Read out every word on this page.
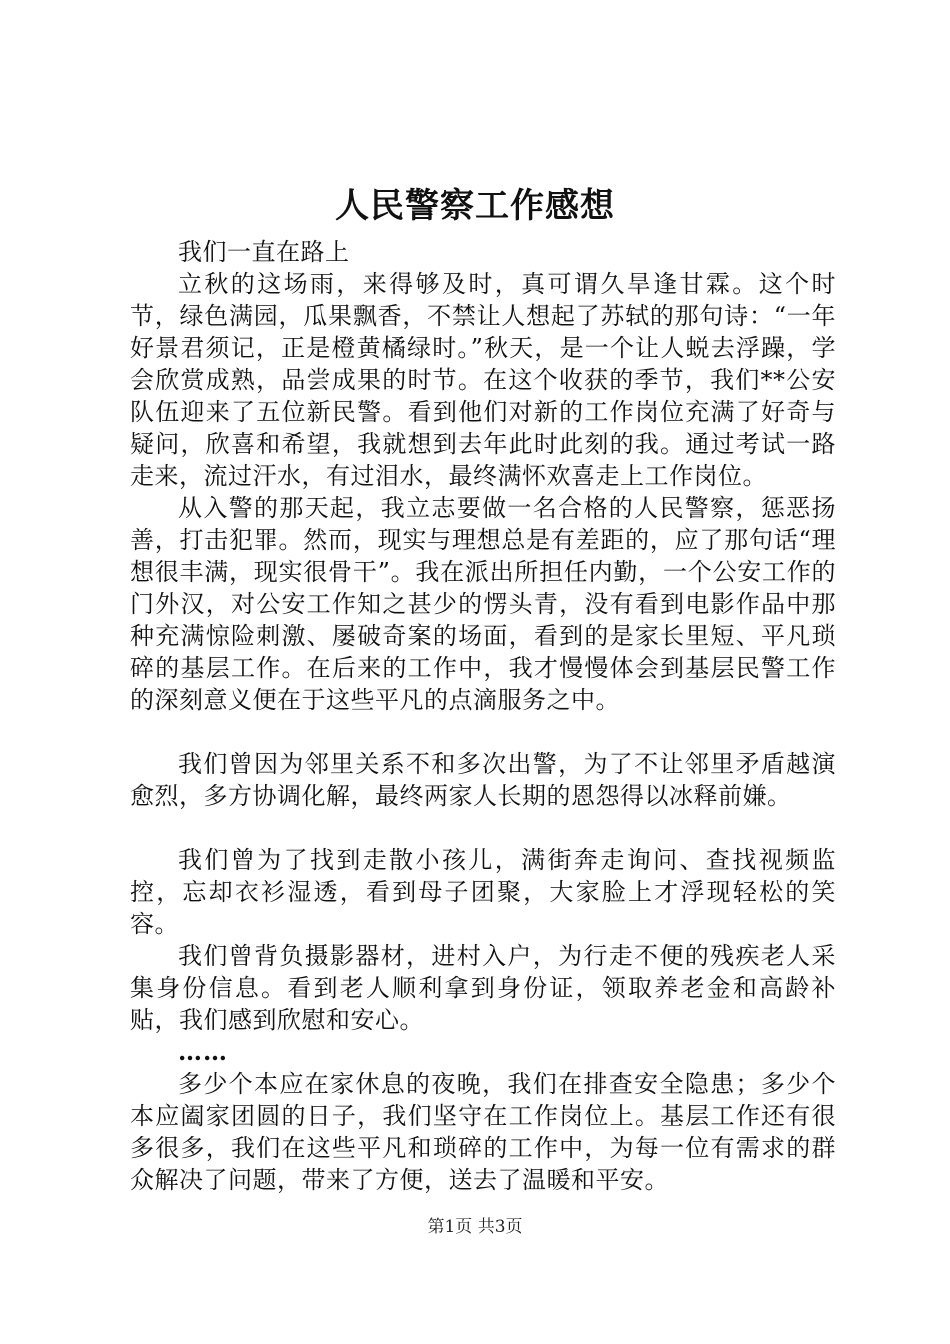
人民警察工作感想

我们一直在路上

立秋的这场雨，来得够及时，真可谓久旱逢甘霖。这个时节，绿色满园，瓜果飘香，不禁让人想起了苏轼的那句诗：“一年好景君须记，正是橙黄橘绿时。”秋天，是一个让人蜕去浮躁，学会欣赏成熟，品尝成果的时节。在这个收获的季节，我们**公安队伍迎来了五位新民警。看到他们对新的工作岗位充满了好奇与疑问，欣喜和希望，我就想到去年此时此刻的我。通过考试一路走来，流过汗水，有过泪水，最终满怀欢喜走上工作岗位。

从入警的那天起，我立志要做一名合格的人民警察，惩恶扬善，打击犯罪。然而，现实与理想总是有差距的，应了那句话“理想很丰满，现实很骨干”。我在派出所担任内勤，一个公安工作的门外汉，对公安工作知之甚少的愣头青，没有看到电影作品中那种充满惊险刺激、屡破奇案的场面，看到的是家长里短、平凡琐碎的基层工作。在后来的工作中，我才慢慢体会到基层民警工作的深刻意义便在于这些平凡的点滴服务之中。

我们曾因为邻里关系不和多次出警，为了不让邻里矛盾越演愈烈，多方协调化解，最终两家人长期的恩怨得以冰释前嫌。

我们曾为了找到走散小孩儿，满街奔走询问、查找视频监控，忘却衣衫湿透，看到母子团聚，大家脸上才浮现轻松的笑容。

我们曾背负摄影器材，进村入户，为行走不便的残疾老人采集身份信息。看到老人顺利拿到身份证，领取养老金和高龄补贴，我们感到欣慰和安心。

……

多少个本应在家休息的夜晚，我们在排查安全隐患；多少个本应阖家团圆的日子，我们坚守在工作岗位上。基层工作还有很多很多，我们在这些平凡和琐碎的工作中，为每一位有需求的群众解决了问题，带来了方便，送去了温暖和平安。

第1页 共3页
